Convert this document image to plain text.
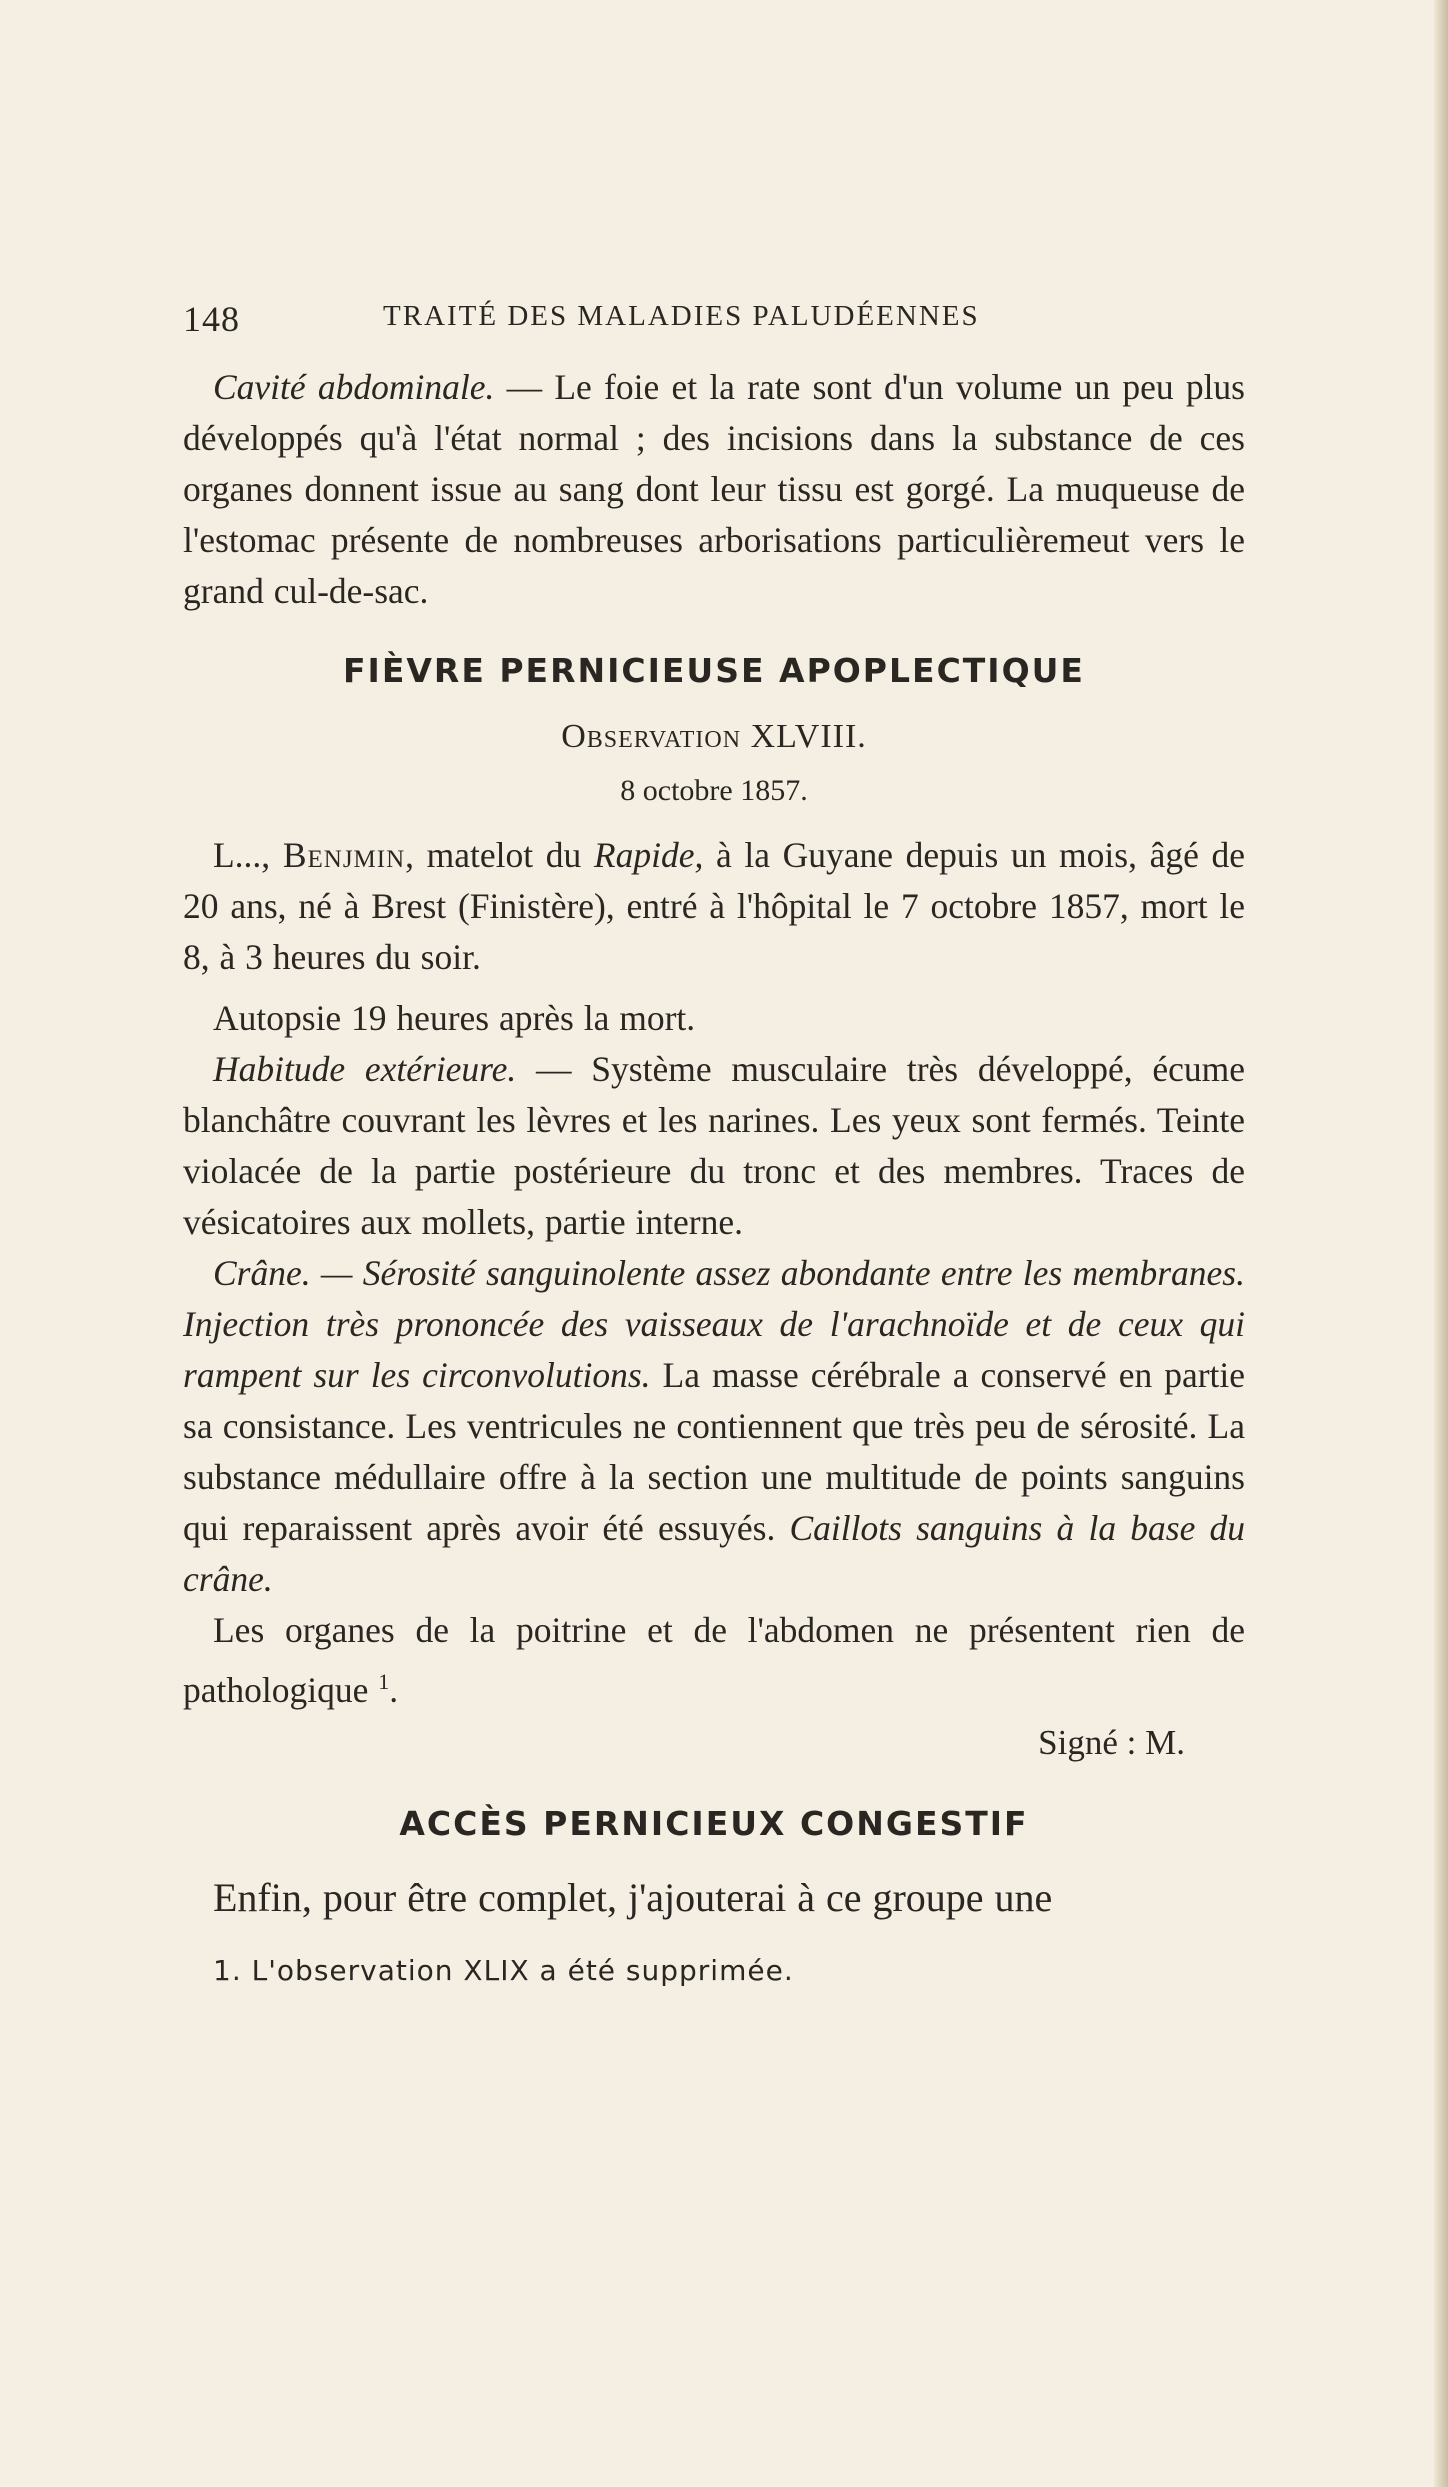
148	TRAITÉ DES MALADIES PALUDÉENNES

Cavité abdominale. — Le foie et la rate sont d'un volume un peu plus développés qu'à l'état normal ; des incisions dans la substance de ces organes donnent issue au sang dont leur tissu est gorgé. La muqueuse de l'estomac présente de nombreuses arborisations particulièremeut vers le grand cul-de-sac.

FIÈVRE PERNICIEUSE APOPLECTIQUE
Observation XLVIII.
8 octobre 1857.

L..., Benjmin, matelot du Rapide, à la Guyane depuis un mois, âgé de 20 ans, né à Brest (Finistère), entré à l'hôpital le 7 octobre 1857, mort le 8, à 3 heures du soir.

Autopsie 19 heures après la mort.

Habitude extérieure. — Système musculaire très développé, écume blanchâtre couvrant les lèvres et les narines. Les yeux sont fermés. Teinte violacée de la partie postérieure du tronc et des membres. Traces de vésicatoires aux mollets, partie interne.

Crâne. — Sérosité sanguinolente assez abondante entre les membranes. Injection très prononcée des vaisseaux de l'arachnoïde et de ceux qui rampent sur les circonvolutions. La masse cérébrale a conservé en partie sa consistance. Les ventricules ne contiennent que très peu de sérosité. La substance médullaire offre à la section une multitude de points sanguins qui reparaissent après avoir été essuyés. Caillots sanguins à la base du crâne.

Les organes de la poitrine et de l'abdomen ne présentent rien de pathologique $^1$.

Signé : M.
ACCÈS PERNICIEUX CONGESTIF

Enfin, pour être complet, j'ajouterai à ce groupe une

1. L'observation XLIX a été supprimée.
